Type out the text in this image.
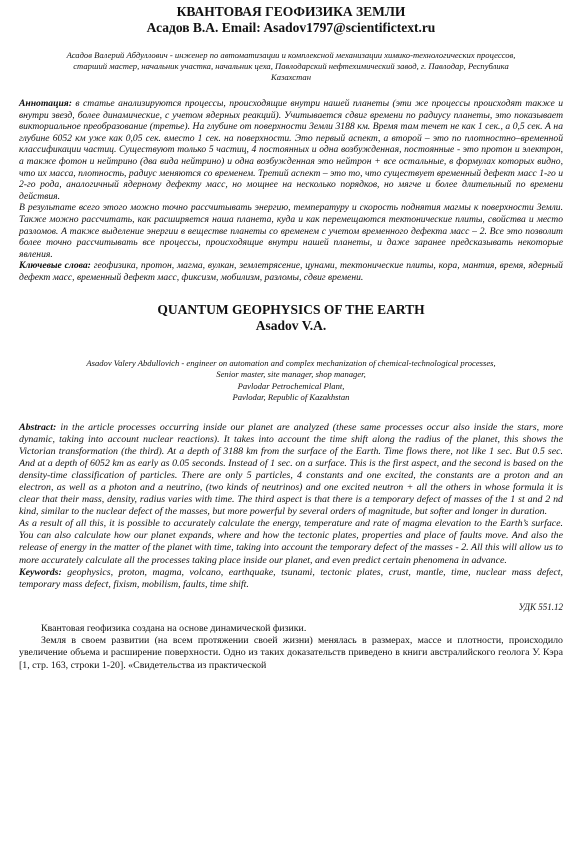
КВАНТОВАЯ ГЕОФИЗИКА ЗЕМЛИ
Асадов В.А. Email: Asadov1797@scientifictext.ru
Асадов Валерий Абдуллович - инженер по автоматизации и комплексной механизации химико-технологических процессов, старший мастер, начальник участка, начальник цеха, Павлодарский нефтехимический завод, г. Павлодар, Республика Казахстан

Аннотация: в статье анализируются процессы, происходящие внутри нашей планеты (эти же процессы происходят также и внутри звезд, более динамические, с учетом ядерных реакций). Учитывается сдвиг времени по радиусу планеты, это показывает викториальное преобразование (третье). На глубине от поверхности Земли 3188 км. Время там течет не как 1 сек., а 0,5 сек. А на глубине 6052 км уже как 0,05 сек. вместо 1 сек. на поверхности. Это первый аспект, а второй – это по плотностно–временной классификации частиц. Существуют только 5 частиц, 4 постоянных и одна возбужденная, постоянные - это протон и электрон, а также фотон и нейтрино (два вида нейтрино) и одна возбужденная это нейтрон + все остальные, в формулах которых видно, что их масса, плотность, радиус меняются со временем. Третий аспект – это то, что существует временный дефект масс 1-го и 2-го рода, аналогичный ядерному дефекту масс, но мощнее на несколько порядков, но мягче и более длительный по времени действия.

В результате всего этого можно точно рассчитывать энергию, температуру и скорость поднятия магмы к поверхности Земли. Также можно рассчитать, как расширяется наша планета, куда и как перемещаются тектонические плиты, свойства и место разломов. А также выделение энергии в веществе планеты со временем с учетом временного дефекта масс – 2. Все это позволит более точно рассчитывать все процессы, происходящие внутри нашей планеты, и даже заранее предсказывать некоторые явления.

Ключевые слова: геофизика, протон, магма, вулкан, землетрясение, цунами, тектонические плиты, кора, мантия, время, ядерный дефект масс, временный дефект масс, фиксизм, мобилизм, разломы, сдвиг времени.

QUANTUM GEOPHYSICS OF THE EARTH
Asadov V.A.
Asadov Valery Abdullovich - engineer on automation and complex mechanization of chemical-technological processes,
Senior master, site manager, shop manager,
Pavlodar Petrochemical Plant,
Pavlodar, Republic of Kazakhstan

Abstract: in the article processes occurring inside our planet are analyzed (these same processes occur also inside the stars, more dynamic, taking into account nuclear reactions). It takes into account the time shift along the radius of the planet, this shows the Victorian transformation (the third). At a depth of 3188 km from the surface of the Earth. Time flows there, not like 1 sec. But 0.5 sec. And at a depth of 6052 km as early as 0.05 seconds. Instead of 1 sec. on a surface. This is the first aspect, and the second is based on the density-time classification of particles. There are only 5 particles, 4 constants and one excited, the constants are a proton and an electron, as well as a photon and a neutrino, (two kinds of neutrinos) and one excited neutron + all the others in whose formula it is clear that their mass, density, radius varies with time. The third aspect is that there is a temporary defect of masses of the 1 st and 2 nd kind, similar to the nuclear defect of the masses, but more powerful by several orders of magnitude, but softer and longer in duration.

As a result of all this, it is possible to accurately calculate the energy, temperature and rate of magma elevation to the Earth’s surface. You can also calculate how our planet expands, where and how the tectonic plates, properties and place of faults move. And also the release of energy in the matter of the planet with time, taking into account the temporary defect of the masses - 2. All this will allow us to more accurately calculate all the processes taking place inside our planet, and even predict certain phenomena in advance.

Keywords: geophysics, proton, magma, volcano, earthquake, tsunami, tectonic plates, crust, mantle, time, nuclear mass defect, temporary mass defect, fixism, mobilism, faults, time shift.

УДК 551.12

Квантовая геофизика создана на основе динамической физики.

Земля в своем развитии (на всем протяжении своей жизни) менялась в размерах, массе и плотности, происходило увеличение объема и расширение поверхности. Одно из таких доказательств приведено в книги австралийского геолога У. Кэра [1, стр. 163, строки 1-20]. «Свидетельства из практической
